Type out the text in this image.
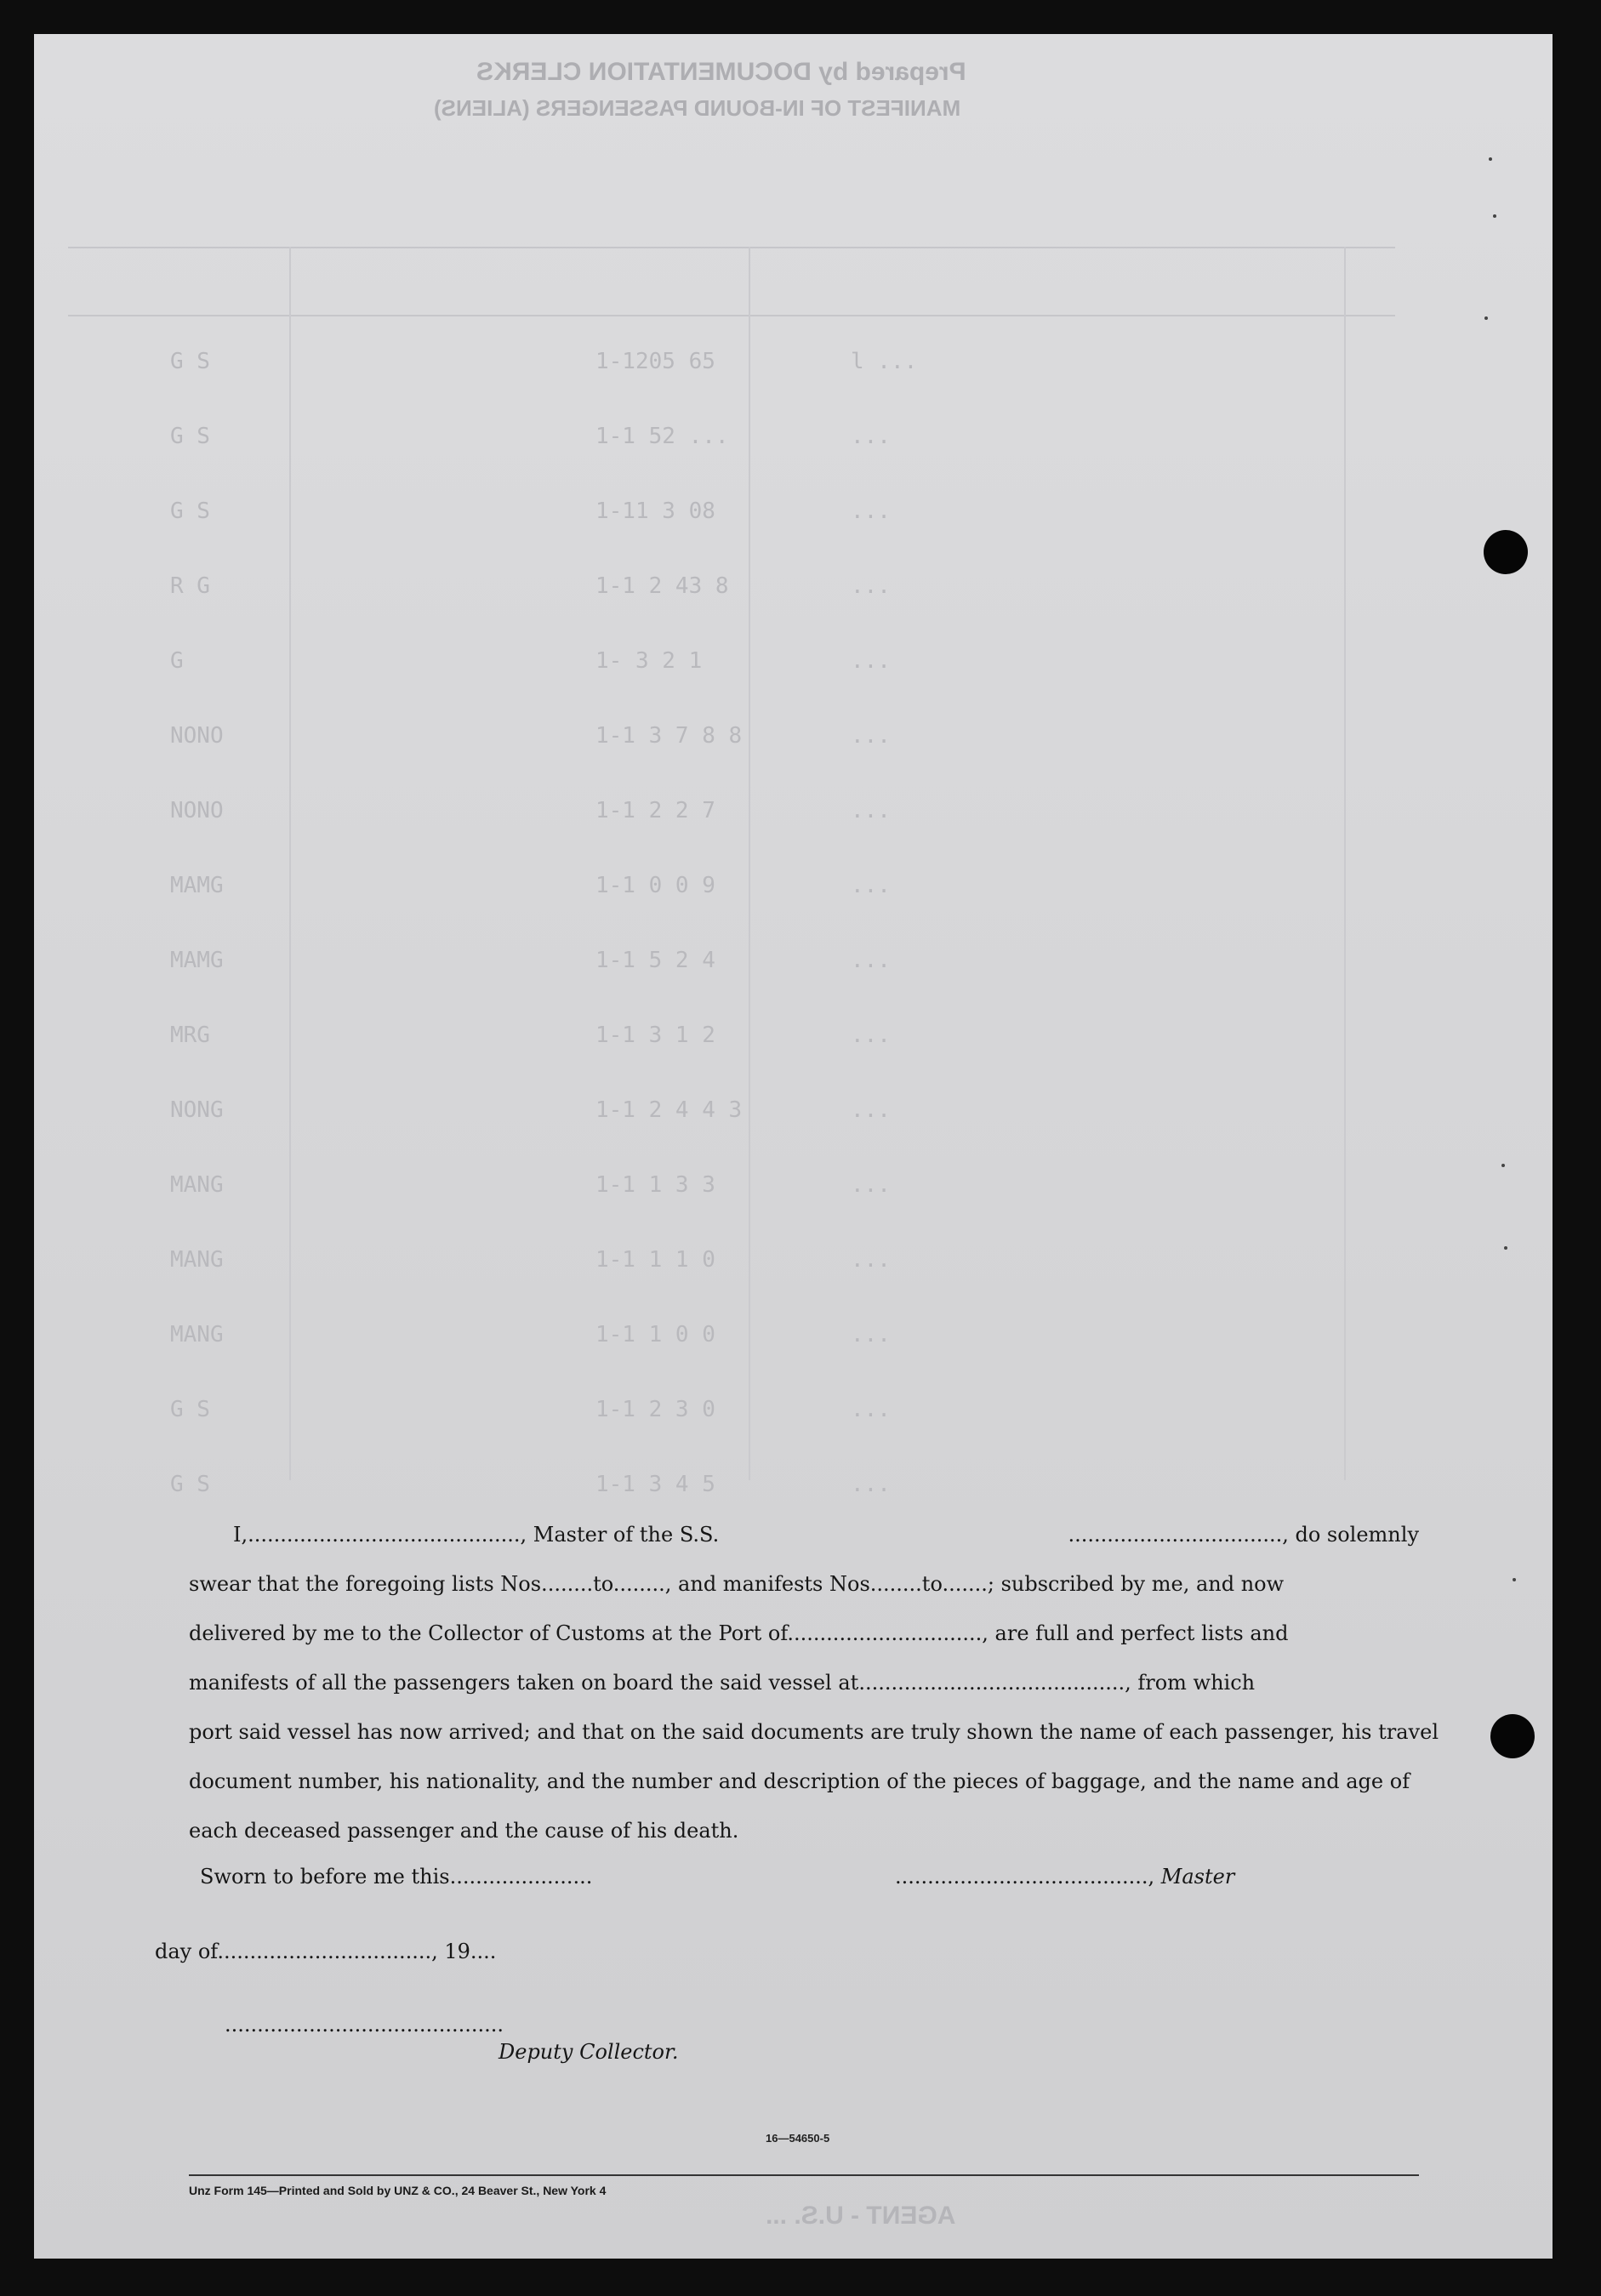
Prepared by DOCUMENTATION CLERKS
MANIFEST OF IN-BOUND PASSENGERS (ALIENS)
G S	1-1205 65	l ...
G S	1-1 52 ...	...
G S	1-11 3 08	...
R G	1-1 2 43 8	...
G	1- 3 2 1	...
NONO	1-1 3 7 8 8	...
NONO	1-1 2 2 7	...
MAMG	1-1 0 0 9	...
MAMG	1-1 5 2 4	...
MRG	1-1 3 1 2	...
NONG	1-1 2 4 4 3	...
MANG	1-1 1 3 3	...
MANG	1-1 1 1 0	...
MANG	1-1 1 0 0	...
G S	1-1 2 3 0	...
G S	1-1 3 4 5	...
I,.........................................., Master of the S.S.	................................., do solemnly
swear that the foregoing lists Nos........to........, and manifests Nos........to.......; subscribed by me, and now
delivered by me to the Collector of Customs at the Port of.............................., are full and perfect lists and
manifests of all the passengers taken on board the said vessel at........................................., from which
port said vessel has now arrived; and that on the said documents are truly shown the name of each passenger, his travel
document number, his nationality, and the number and description of the pieces of baggage, and the name and age of
each deceased passenger and the cause of his death.
Sworn to before me this......................	......................................., Master
day of................................., 19....
...........................................
Deputy Collector.
16—54650-5
Unz Form 145—Printed and Sold by UNZ & CO., 24 Beaver St., New York 4
AGENT - U.S. ...
